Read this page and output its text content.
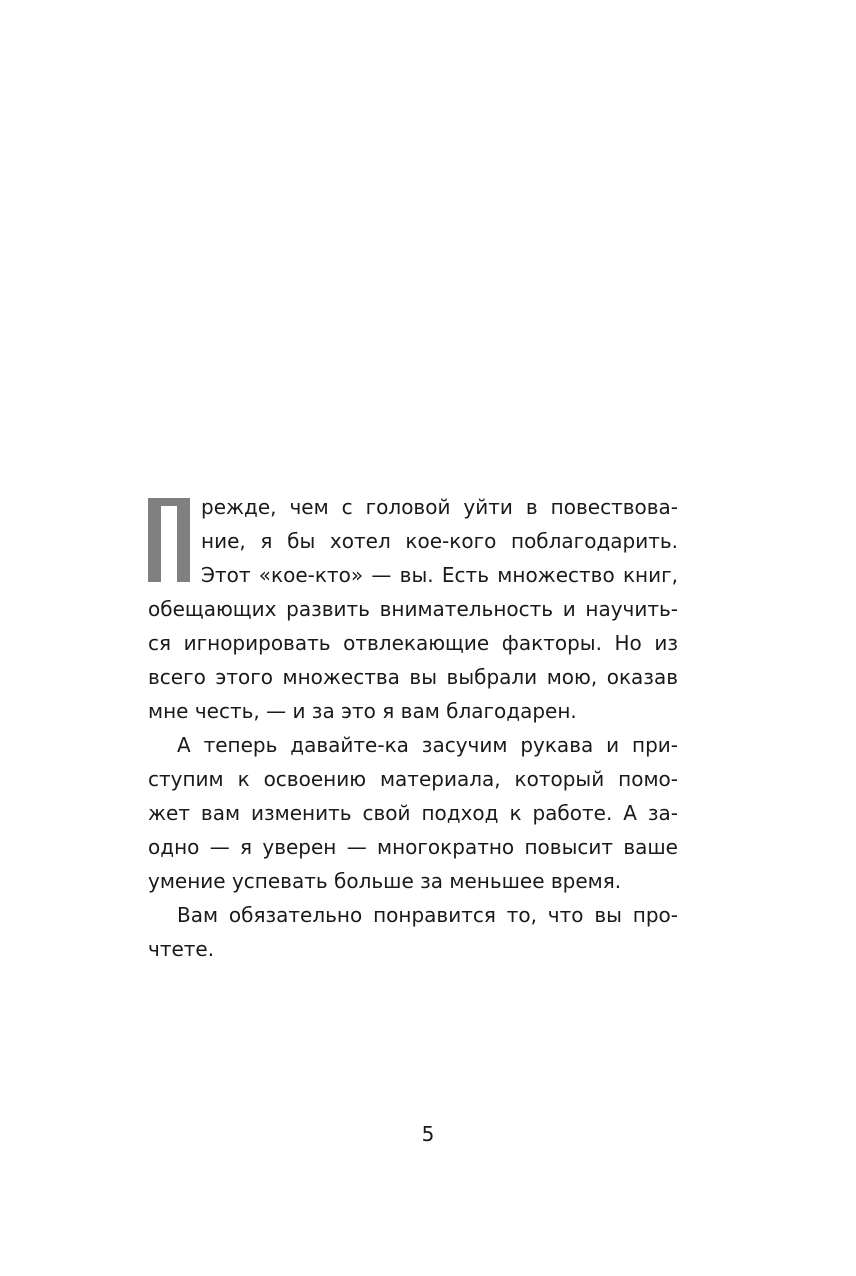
режде, чем с головой уйти в повествова-
ние, я бы хотел кое-кого поблагодарить.
Этот «кое-кто» — вы. Есть множество книг,
обещающих развить внимательность и научить-
ся игнорировать отвлекающие факторы. Но из
всего этого множества вы выбрали мою, оказав
мне честь, — и за это я вам благодарен.
А теперь давайте-ка засучим рукава и при-
ступим к освоению материала, который помо-
жет вам изменить свой подход к работе. А за-
одно — я уверен — многократно повысит ваше
умение успевать больше за меньшее время.
Вам обязательно понравится то, что вы про-
чтете.
5
